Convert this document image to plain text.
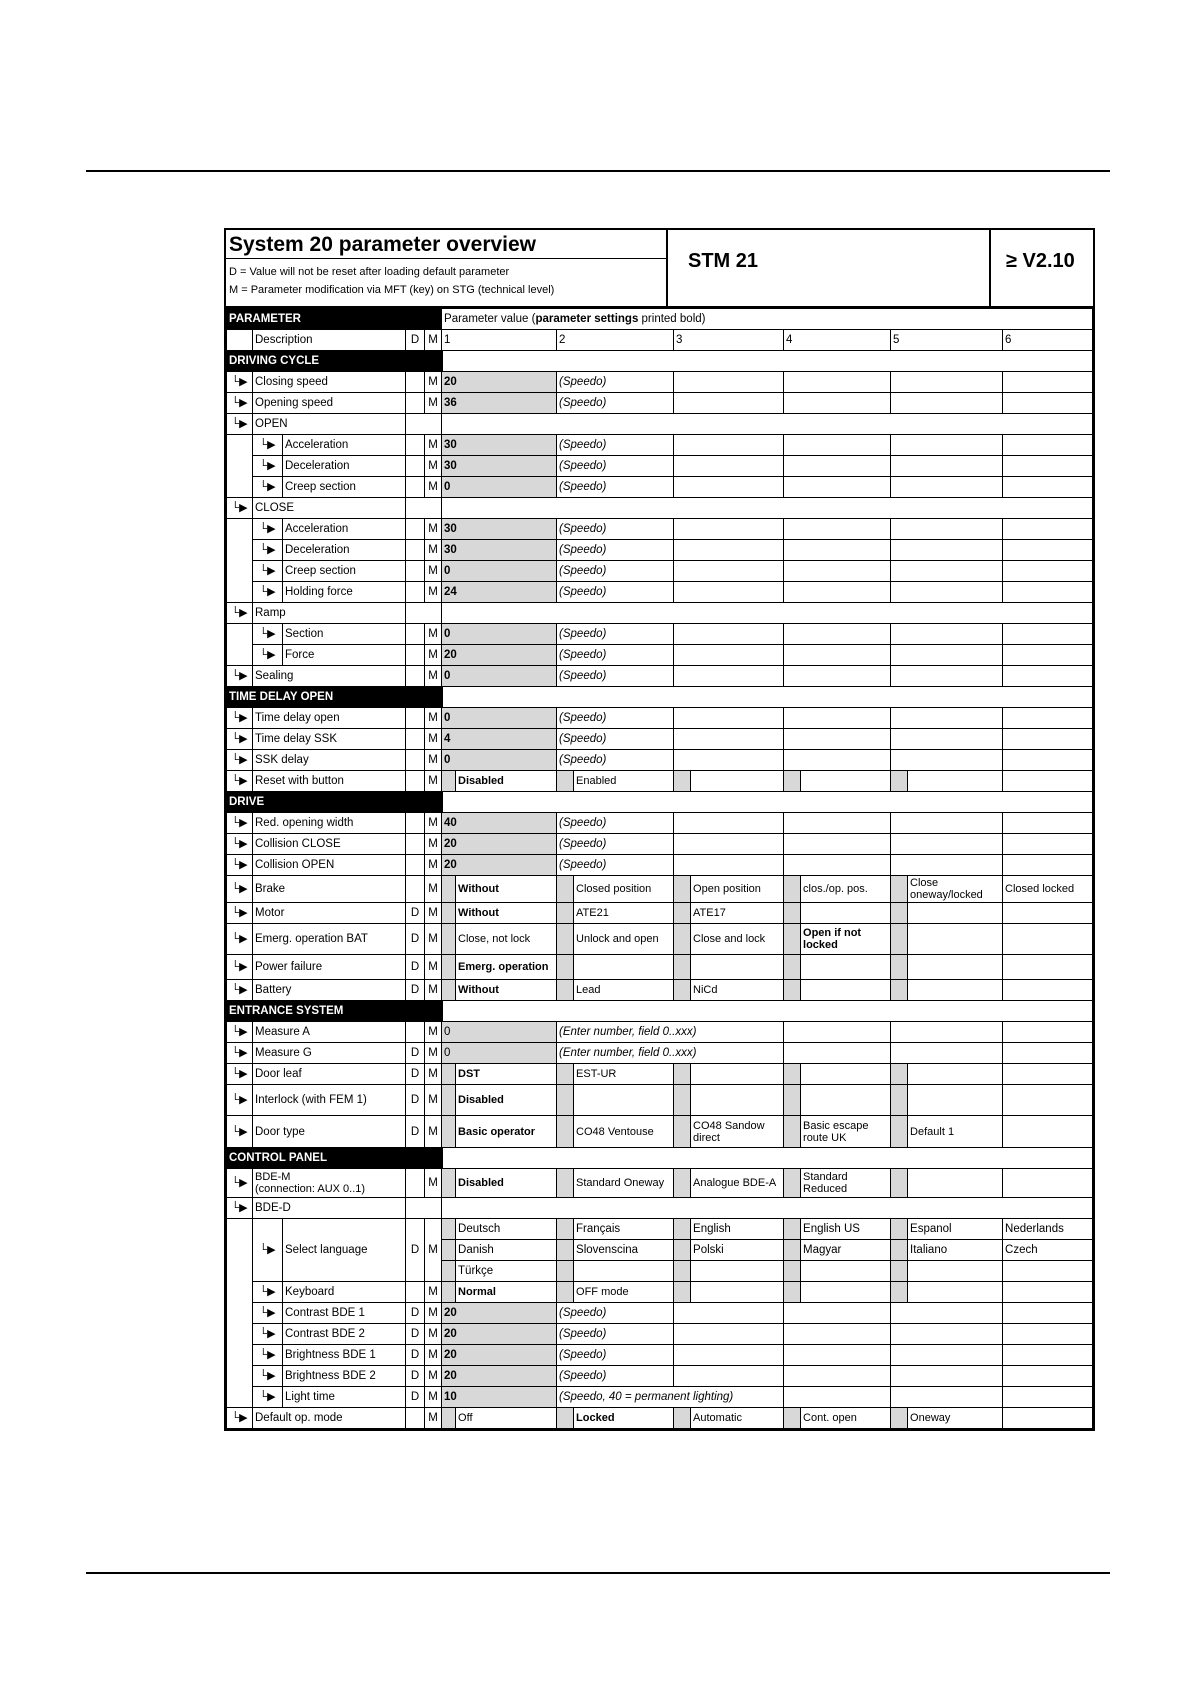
System 20 parameter overview
D = Value will not be reset after loading default parameter
M = Parameter modification via MFT (key) on STG (technical level)
STM 21	≥ V2.10
PARAMETER					Parameter value (parameter settings printed bold)										
	Description		D	M	1		2		3		4		5		6
DRIVING CYCLE															
└▶	Closing speed			M	20		(Speedo)								
└▶	Opening speed			M	36		(Speedo)								
└▶	OPEN														
	└▶	Acceleration		M	30		(Speedo)								
	└▶	Deceleration		M	30		(Speedo)								
	└▶	Creep section		M	0		(Speedo)								
└▶	CLOSE														
	└▶	Acceleration		M	30		(Speedo)								
	└▶	Deceleration		M	30		(Speedo)								
	└▶	Creep section		M	0		(Speedo)								
	└▶	Holding force		M	24		(Speedo)								
└▶	Ramp														
	└▶	Section		M	0		(Speedo)								
	└▶	Force		M	20		(Speedo)								
└▶	Sealing			M	0		(Speedo)								
TIME DELAY OPEN															
└▶	Time delay open			M	0		(Speedo)								
└▶	Time delay SSK			M	4		(Speedo)								
└▶	SSK delay			M	0		(Speedo)								
└▶	Reset with button			M		Disabled		Enabled							
DRIVE															
└▶	Red. opening width			M	40		(Speedo)								
└▶	Collision CLOSE			M	20		(Speedo)								
└▶	Collision OPEN			M	20		(Speedo)								
└▶	Brake			M		Without		Closed position		Open position		clos./op. pos.		Close oneway/locked	Closed locked
└▶	Motor		D	M		Without		ATE21		ATE17					
└▶	Emerg. operation BAT		D	M		Close, not lock		Unlock and open		Close and lock		Open if not locked			
└▶	Power failure		D	M		Emerg. operation									
└▶	Battery		D	M		Without		Lead		NiCd					
ENTRANCE SYSTEM															
└▶	Measure A			M	0		(Enter number, field 0..xxx)								
└▶	Measure G		D	M	0		(Enter number, field 0..xxx)								
└▶	Door leaf		D	M		DST		EST-UR							
└▶	Interlock (with FEM 1)		D	M		Disabled									
└▶	Door type		D	M		Basic operator		CO48 Ventouse		CO48 Sandow direct		Basic escape route UK		Default 1	
CONTROL PANEL															
└▶	BDE-M
(connection: AUX 0..1)			M		Disabled		Standard Oneway		Analogue BDE-A		Standard Reduced			
└▶	BDE-D														
	└▶	Select language	D	M		Deutsch		Français		English		English US		Espanol	Nederlands
						Danish		Slovenscina		Polski		Magyar		Italiano	Czech
						Türkçe									
	└▶	Keyboard		M		Normal		OFF mode							
	└▶	Contrast BDE 1	D	M	20		(Speedo)								
	└▶	Contrast BDE 2	D	M	20		(Speedo)								
	└▶	Brightness BDE 1	D	M	20		(Speedo)								
	└▶	Brightness BDE 2	D	M	20		(Speedo)								
	└▶	Light time	D	M	10		(Speedo, 40 = permanent lighting)								
└▶	Default op. mode			M		Off		Locked		Automatic		Cont. open		Oneway	
